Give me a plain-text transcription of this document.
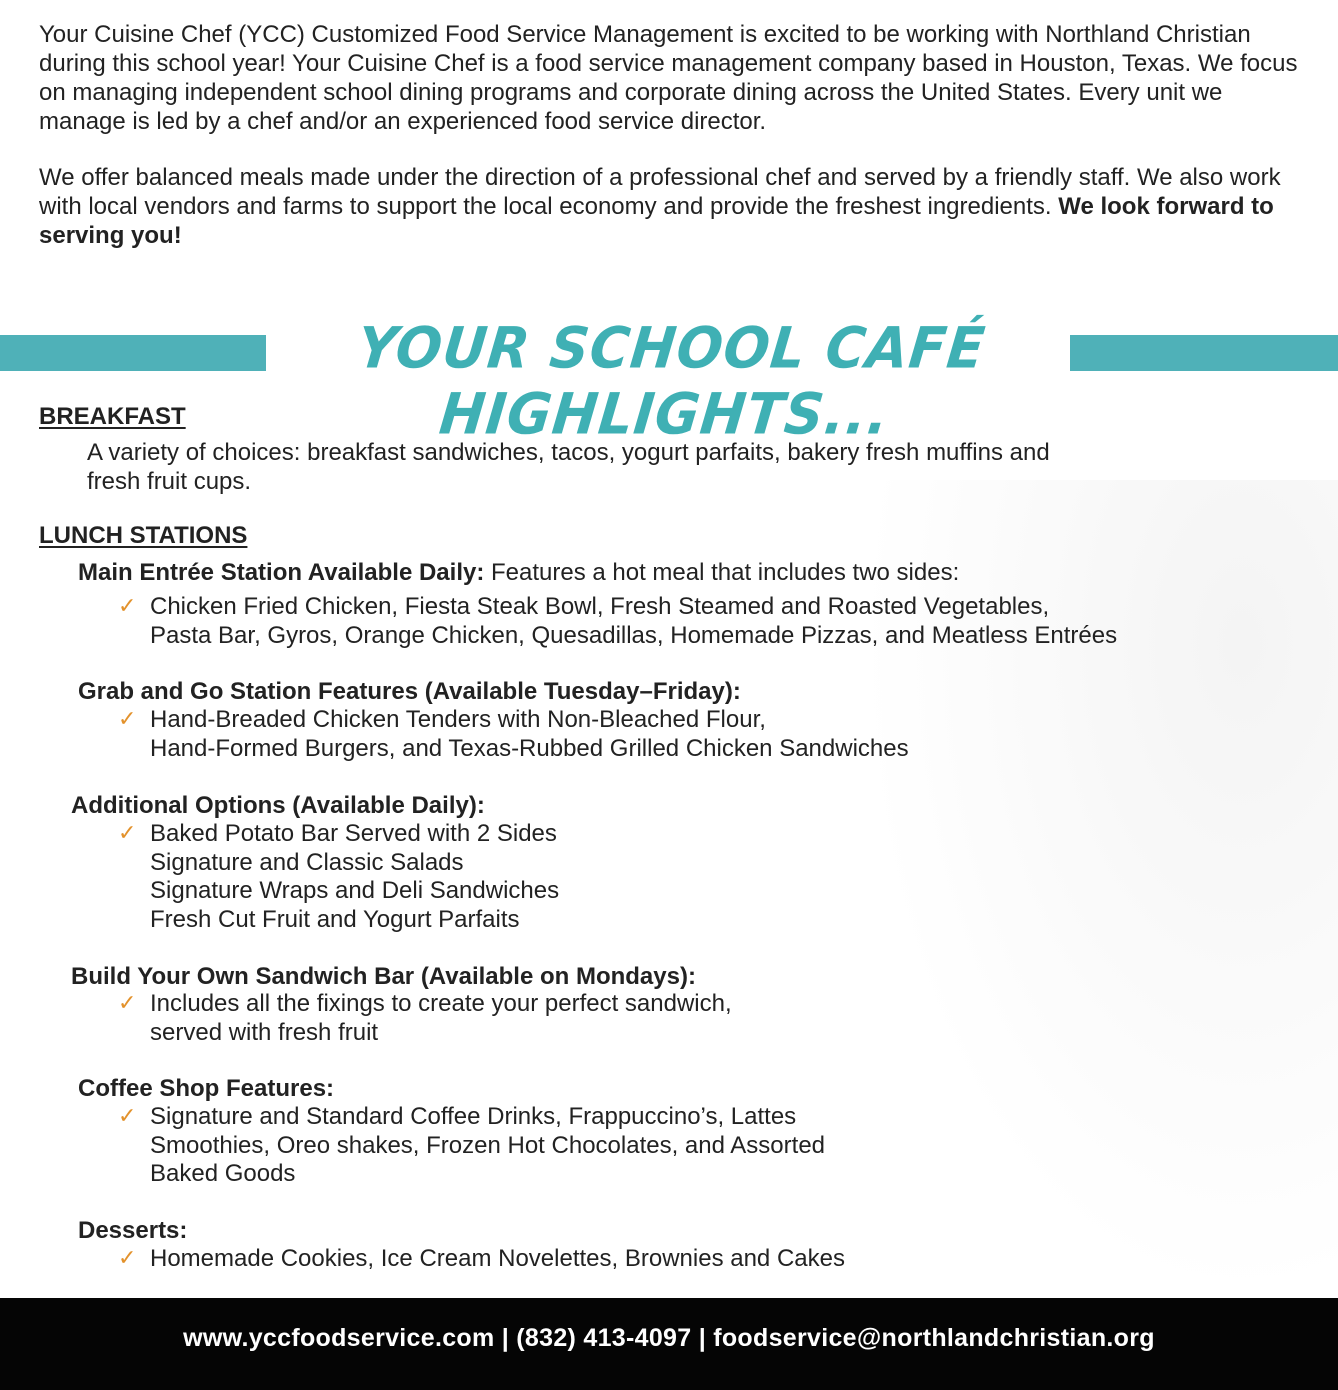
Your Cuisine Chef (YCC) Customized Food Service Management is excited to be working with Northland Christian during this school year! Your Cuisine Chef is a food service management company based in Houston, Texas. We focus on managing independent school dining programs and corporate dining across the United States. Every unit we manage is led by a chef and/or an experienced food service director.

We offer balanced meals made under the direction of a professional chef and served by a friendly staff. We also work with local vendors and farms to support the local economy and provide the freshest ingredients. We look forward to serving you!

YOUR SCHOOL CAFÉ HIGHLIGHTS...
BREAKFAST
A variety of choices: breakfast sandwiches, tacos, yogurt parfaits, bakery fresh muffins and
fresh fruit cups.
LUNCH STATIONS
Main Entrée Station Available Daily: Features a hot meal that includes two sides:
✓ Chicken Fried Chicken, Fiesta Steak Bowl, Fresh Steamed and Roasted Vegetables,
Pasta Bar, Gyros, Orange Chicken, Quesadillas, Homemade Pizzas, and Meatless Entrées
Grab and Go Station Features (Available Tuesday–Friday):
✓ Hand-Breaded Chicken Tenders with Non-Bleached Flour,
Hand-Formed Burgers, and Texas-Rubbed Grilled Chicken Sandwiches
Additional Options (Available Daily):
✓ Baked Potato Bar Served with 2 Sides
Signature and Classic Salads
Signature Wraps and Deli Sandwiches
Fresh Cut Fruit and Yogurt Parfaits
Build Your Own Sandwich Bar (Available on Mondays):
✓ Includes all the fixings to create your perfect sandwich,
served with fresh fruit
Coffee Shop Features:
✓ Signature and Standard Coffee Drinks, Frappuccino’s, Lattes
Smoothies, Oreo shakes, Frozen Hot Chocolates, and Assorted
Baked Goods
Desserts:
✓ Homemade Cookies, Ice Cream Novelettes, Brownies and Cakes
www.yccfoodservice.com | (832) 413-4097 | foodservice@northlandchristian.org
